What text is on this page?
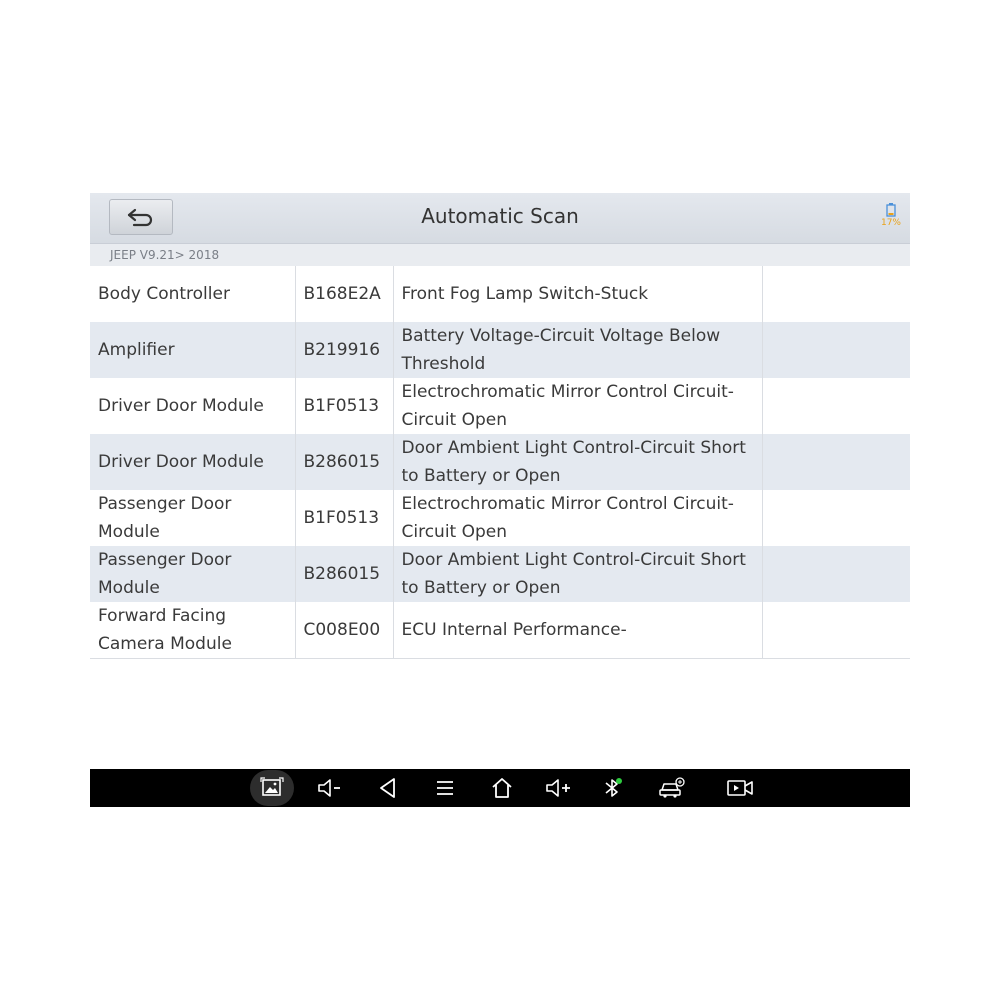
Automatic Scan	17%
JEEP V9.21> 2018
Body Controller	B168E2A	Front Fog Lamp Switch-Stuck	
Amplifier	B219916	Battery Voltage-Circuit Voltage Below Threshold	
Driver Door Module	B1F0513	Electrochromatic Mirror Control Circuit-Circuit Open	
Driver Door Module	B286015	Door Ambient Light Control-Circuit Short to Battery or Open	
Passenger Door Module	B1F0513	Electrochromatic Mirror Control Circuit-Circuit Open	
Passenger Door Module	B286015	Door Ambient Light Control-Circuit Short to Battery or Open	
Forward Facing Camera Module	C008E00	ECU Internal Performance-	
